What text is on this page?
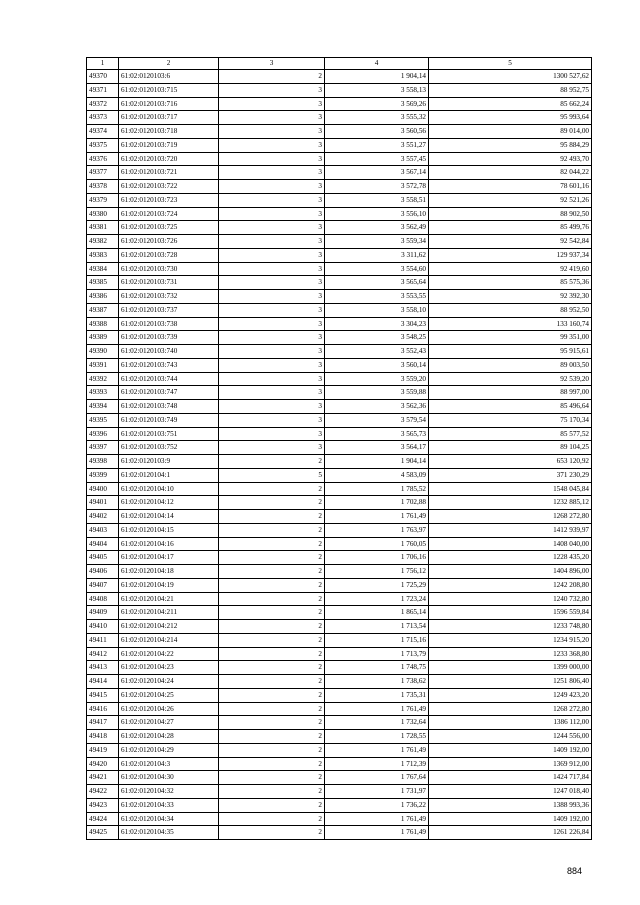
1	2	3	4	5
49370	61:02:0120103:6	2	1 904,14	1300 527,62
49371	61:02:0120103:715	3	3 558,13	88 952,75
49372	61:02:0120103:716	3	3 569,26	85 662,24
49373	61:02:0120103:717	3	3 555,32	95 993,64
49374	61:02:0120103:718	3	3 560,56	89 014,00
49375	61:02:0120103:719	3	3 551,27	95 884,29
49376	61:02:0120103:720	3	3 557,45	92 493,70
49377	61:02:0120103:721	3	3 567,14	82 044,22
49378	61:02:0120103:722	3	3 572,78	78 601,16
49379	61:02:0120103:723	3	3 558,51	92 521,26
49380	61:02:0120103:724	3	3 556,10	88 902,50
49381	61:02:0120103:725	3	3 562,49	85 499,76
49382	61:02:0120103:726	3	3 559,34	92 542,84
49383	61:02:0120103:728	3	3 311,62	129 937,34
49384	61:02:0120103:730	3	3 554,60	92 419,60
49385	61:02:0120103:731	3	3 565,64	85 575,36
49386	61:02:0120103:732	3	3 553,55	92 392,30
49387	61:02:0120103:737	3	3 558,10	88 952,50
49388	61:02:0120103:738	3	3 304,23	133 160,74
49389	61:02:0120103:739	3	3 548,25	99 351,00
49390	61:02:0120103:740	3	3 552,43	95 915,61
49391	61:02:0120103:743	3	3 560,14	89 003,50
49392	61:02:0120103:744	3	3 559,20	92 539,20
49393	61:02:0120103:747	3	3 559,88	88 997,00
49394	61:02:0120103:748	3	3 562,36	85 496,64
49395	61:02:0120103:749	3	3 579,54	75 170,34
49396	61:02:0120103:751	3	3 565,73	85 577,52
49397	61:02:0120103:752	3	3 564,17	89 104,25
49398	61:02:0120103:9	2	1 904,14	653 120,92
49399	61:02:0120104:1	5	4 583,09	371 230,29
49400	61:02:0120104:10	2	1 785,52	1548 045,84
49401	61:02:0120104:12	2	1 702,88	1232 885,12
49402	61:02:0120104:14	2	1 761,49	1268 272,80
49403	61:02:0120104:15	2	1 763,97	1412 939,97
49404	61:02:0120104:16	2	1 760,05	1408 040,00
49405	61:02:0120104:17	2	1 706,16	1228 435,20
49406	61:02:0120104:18	2	1 756,12	1404 896,00
49407	61:02:0120104:19	2	1 725,29	1242 208,80
49408	61:02:0120104:21	2	1 723,24	1240 732,80
49409	61:02:0120104:211	2	1 865,14	1596 559,84
49410	61:02:0120104:212	2	1 713,54	1233 748,80
49411	61:02:0120104:214	2	1 715,16	1234 915,20
49412	61:02:0120104:22	2	1 713,79	1233 368,80
49413	61:02:0120104:23	2	1 748,75	1399 000,00
49414	61:02:0120104:24	2	1 738,62	1251 806,40
49415	61:02:0120104:25	2	1 735,31	1249 423,20
49416	61:02:0120104:26	2	1 761,49	1268 272,80
49417	61:02:0120104:27	2	1 732,64	1386 112,00
49418	61:02:0120104:28	2	1 728,55	1244 556,00
49419	61:02:0120104:29	2	1 761,49	1409 192,00
49420	61:02:0120104:3	2	1 712,39	1369 912,00
49421	61:02:0120104:30	2	1 767,64	1424 717,84
49422	61:02:0120104:32	2	1 731,97	1247 018,40
49423	61:02:0120104:33	2	1 736,22	1388 993,36
49424	61:02:0120104:34	2	1 761,49	1409 192,00
49425	61:02:0120104:35	2	1 761,49	1261 226,84
884
